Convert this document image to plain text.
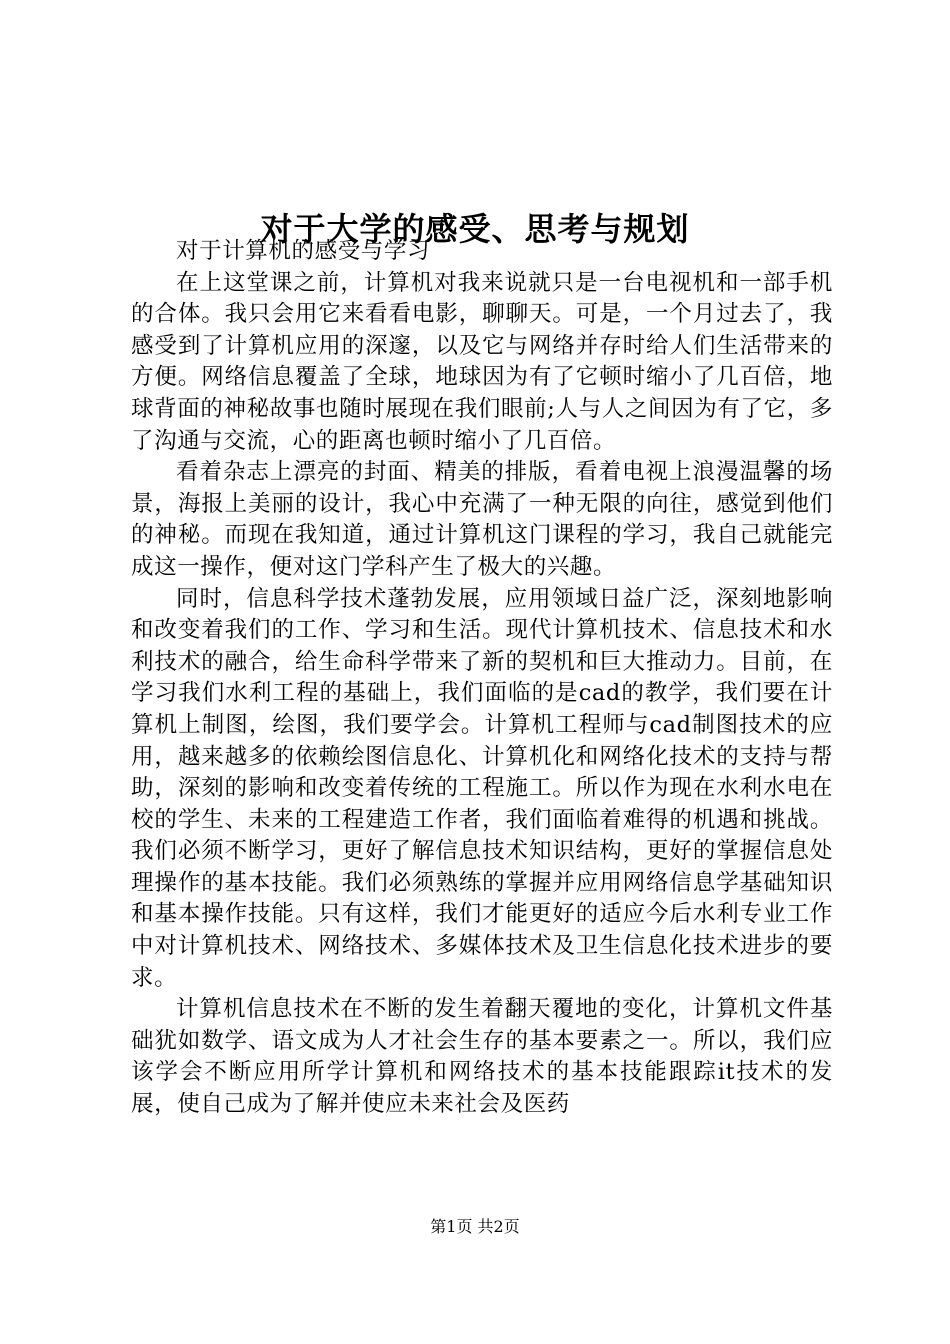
对于大学的感受、思考与规划

对于计算机的感受与学习

在上这堂课之前，计算机对我来说就只是一台电视机和一部手机的合体。我只会用它来看看电影，聊聊天。可是，一个月过去了，我感受到了计算机应用的深邃，以及它与网络并存时给人们生活带来的方便。网络信息覆盖了全球，地球因为有了它顿时缩小了几百倍，地球背面的神秘故事也随时展现在我们眼前;人与人之间因为有了它，多了沟通与交流，心的距离也顿时缩小了几百倍。

看着杂志上漂亮的封面、精美的排版，看着电视上浪漫温馨的场景，海报上美丽的设计，我心中充满了一种无限的向往，感觉到他们的神秘。而现在我知道，通过计算机这门课程的学习，我自己就能完成这一操作，便对这门学科产生了极大的兴趣。

同时，信息科学技术蓬勃发展，应用领域日益广泛，深刻地影响和改变着我们的工作、学习和生活。现代计算机技术、信息技术和水利技术的融合，给生命科学带来了新的契机和巨大推动力。目前，在学习我们水利工程的基础上，我们面临的是cad的教学，我们要在计算机上制图，绘图，我们要学会。计算机工程师与cad制图技术的应用，越来越多的依赖绘图信息化、计算机化和网络化技术的支持与帮助，深刻的影响和改变着传统的工程施工。所以作为现在水利水电在校的学生、未来的工程建造工作者，我们面临着难得的机遇和挑战。我们必须不断学习，更好了解信息技术知识结构，更好的掌握信息处理操作的基本技能。我们必须熟练的掌握并应用网络信息学基础知识和基本操作技能。只有这样，我们才能更好的适应今后水利专业工作中对计算机技术、网络技术、多媒体技术及卫生信息化技术进步的要求。

计算机信息技术在不断的发生着翻天覆地的变化，计算机文件基础犹如数学、语文成为人才社会生存的基本要素之一。所以，我们应该学会不断应用所学计算机和网络技术的基本技能跟踪it技术的发展，使自己成为了解并使应未来社会及医药

第1页 共2页
